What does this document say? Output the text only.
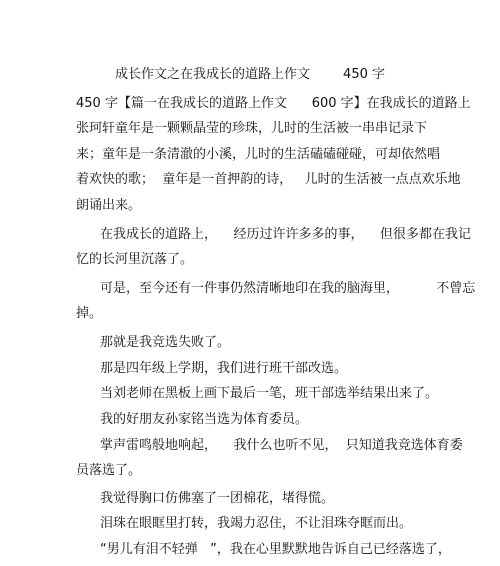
成长作文之在我成长的道路上作文        450 字
450 字【篇一在我成长的道路上作文      600 字】在我成长的道路上
张珂轩童年是一颗颗晶莹的珍珠，儿时的生活被一串串记录下
来；童年是一条清澈的小溪，儿时的生活磕磕碰碰，可却依然唱
着欢快的歌；  童年是一首押韵的诗，   儿时的生活被一点点欢乐地
朗诵出来。
在我成长的道路上，    经历过许许多多的事，    但很多都在我记
忆的长河里沉落了。
可是，至今还有一件事仍然清晰地印在我的脑海里，         不曾忘
掉。
那就是我竞选失败了。
那是四年级上学期，我们进行班干部改选。
当刘老师在黑板上画下最后一笔，班干部选举结果出来了。
我的好朋友孙家铭当选为体育委员。
掌声雷鸣般地响起，    我什么也听不见，  只知道我竞选体育委
员落选了。
我觉得胸口仿佛塞了一团棉花，堵得慌。
泪珠在眼眶里打转，我竭力忍住，不让泪珠夺眶而出。
“男儿有泪不轻弹   ”，我在心里默默地告诉自己已经落选了，
